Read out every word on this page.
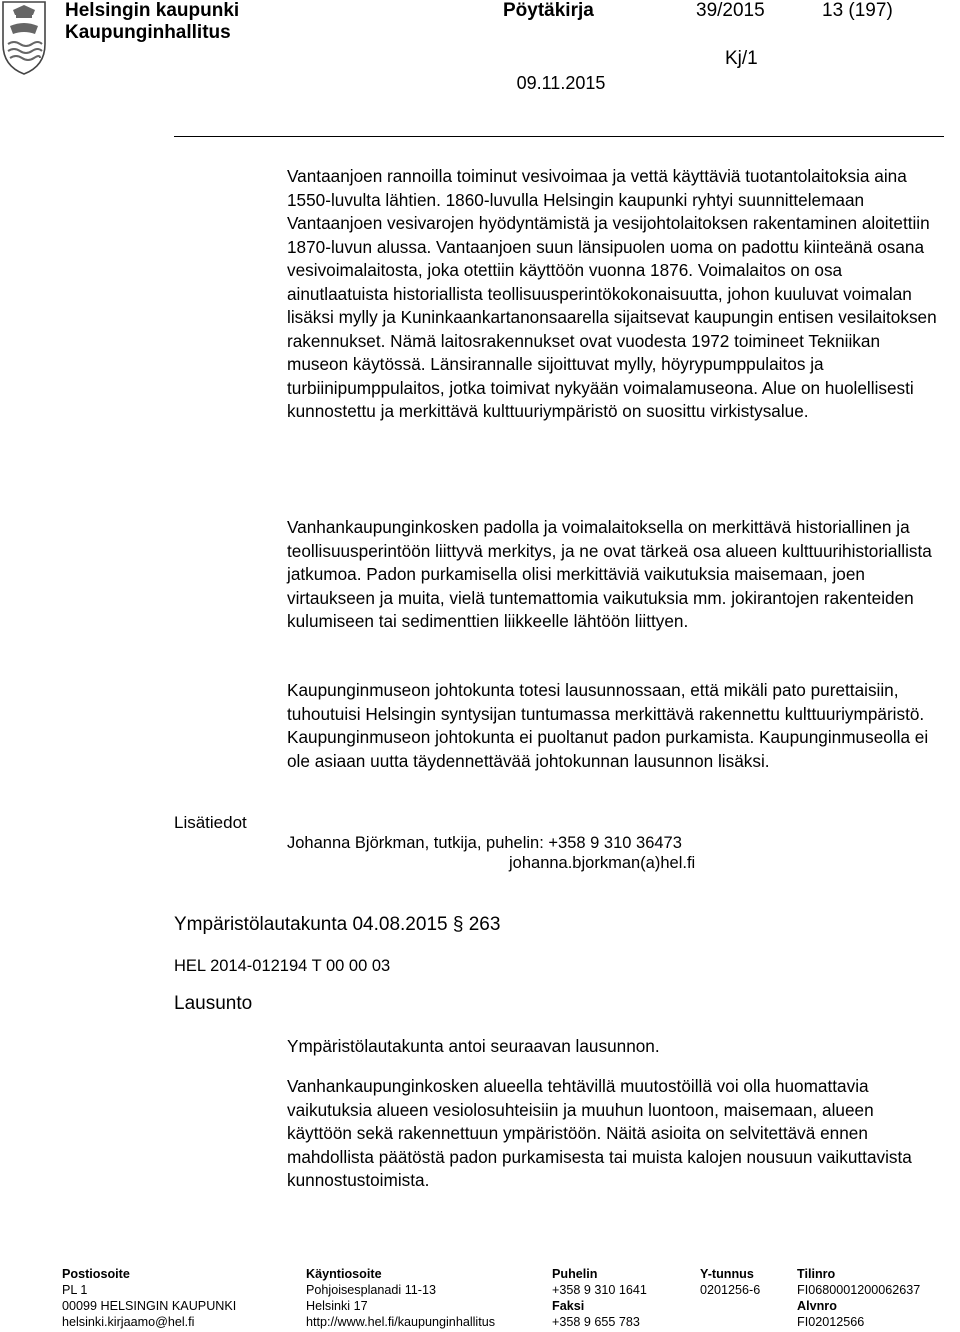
Helsingin kaupunki
Kaupunginhallitus
Pöytäkirja
09.11.2015
39/2015	13 (197)
Kj/1

Vantaanjoen rannoilla toiminut vesivoimaa ja vettä käyttäviä tuotantolaitoksia aina 1550-luvulta lähtien. 1860-luvulla Helsingin kaupunki ryhtyi suunnittelemaan Vantaanjoen vesivarojen hyödyntämistä ja vesijohtolaitoksen rakentaminen aloitettiin 1870-luvun alussa. Vantaanjoen suun länsipuolen uoma on padottu kiinteänä osana vesivoimalaitosta, joka otettiin käyttöön vuonna 1876. Voimalaitos on osa ainutlaatuista historiallista teollisuusperintökokonaisuutta, johon kuuluvat voimalan lisäksi mylly ja Kuninkaankartanonsaarella sijaitsevat kaupungin entisen vesilaitoksen rakennukset. Nämä laitosrakennukset ovat vuodesta 1972 toimineet Tekniikan museon käytössä. Länsirannalle sijoittuvat mylly, höyrypumppulaitos ja turbiinipumppulaitos, jotka toimivat nykyään voimalamuseona. Alue on huolellisesti kunnostettu ja merkittävä kulttuuriympäristö on suosittu virkistysalue.

Vanhankaupunginkosken padolla ja voimalaitoksella on merkittävä historiallinen ja teollisuusperintöön liittyvä merkitys, ja ne ovat tärkeä osa alueen kulttuurihistoriallista jatkumoa. Padon purkamisella olisi merkittäviä vaikutuksia maisemaan, joen virtaukseen ja muita, vielä tuntemattomia vaikutuksia mm. jokirantojen rakenteiden kulumiseen tai sedimenttien liikkeelle lähtöön liittyen.

Kaupunginmuseon johtokunta totesi lausunnossaan, että mikäli pato purettaisiin, tuhoutuisi Helsingin syntysijan tuntumassa merkittävä rakennettu kulttuuriympäristö. Kaupunginmuseon johtokunta ei puoltanut padon purkamista. Kaupunginmuseolla ei ole asiaan uutta täydennettävää johtokunnan lausunnon lisäksi.

Lisätiedot
Johanna Björkman, tutkija, puhelin: +358 9 310 36473
johanna.bjorkman(a)hel.fi
Ympäristölautakunta 04.08.2015 § 263
HEL 2014-012194 T 00 00 03
Lausunto

Ympäristölautakunta antoi seuraavan lausunnon.

Vanhankaupunginkosken alueella tehtävillä muutostöillä voi olla huomattavia vaikutuksia alueen vesiolosuhteisiin ja muuhun luontoon, maisemaan, alueen käyttöön sekä rakennettuun ympäristöön. Näitä asioita on selvitettävä ennen mahdollista päätöstä padon purkamisesta tai muista kalojen nousuun vaikuttavista kunnostustoimista.

Postiosoite
PL 1
00099 HELSINGIN KAUPUNKI
helsinki.kirjaamo@hel.fi
Käyntiosoite
Pohjoisesplanadi 11-13
Helsinki 17
http://www.hel.fi/kaupunginhallitus
Puhelin
+358 9 310 1641
Faksi
+358 9 655 783
Y-tunnus
0201256-6
Tilinro
FI0680001200062637
Alvnro
FI02012566
